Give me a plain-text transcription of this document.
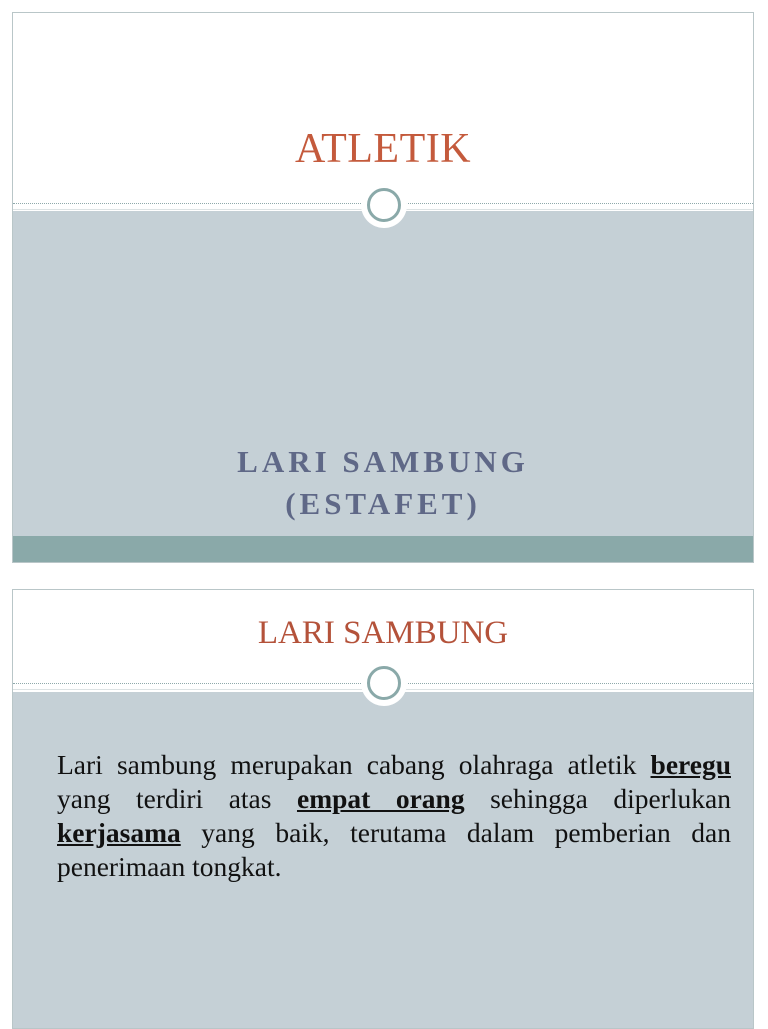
ATLETIK
LARI SAMBUNG
(ESTAFET)
LARI SAMBUNG
Lari sambung merupakan cabang olahraga atletik beregu yang terdiri atas empat orang sehingga diperlukan kerjasama yang baik, terutama dalam pemberian dan penerimaan tongkat.
